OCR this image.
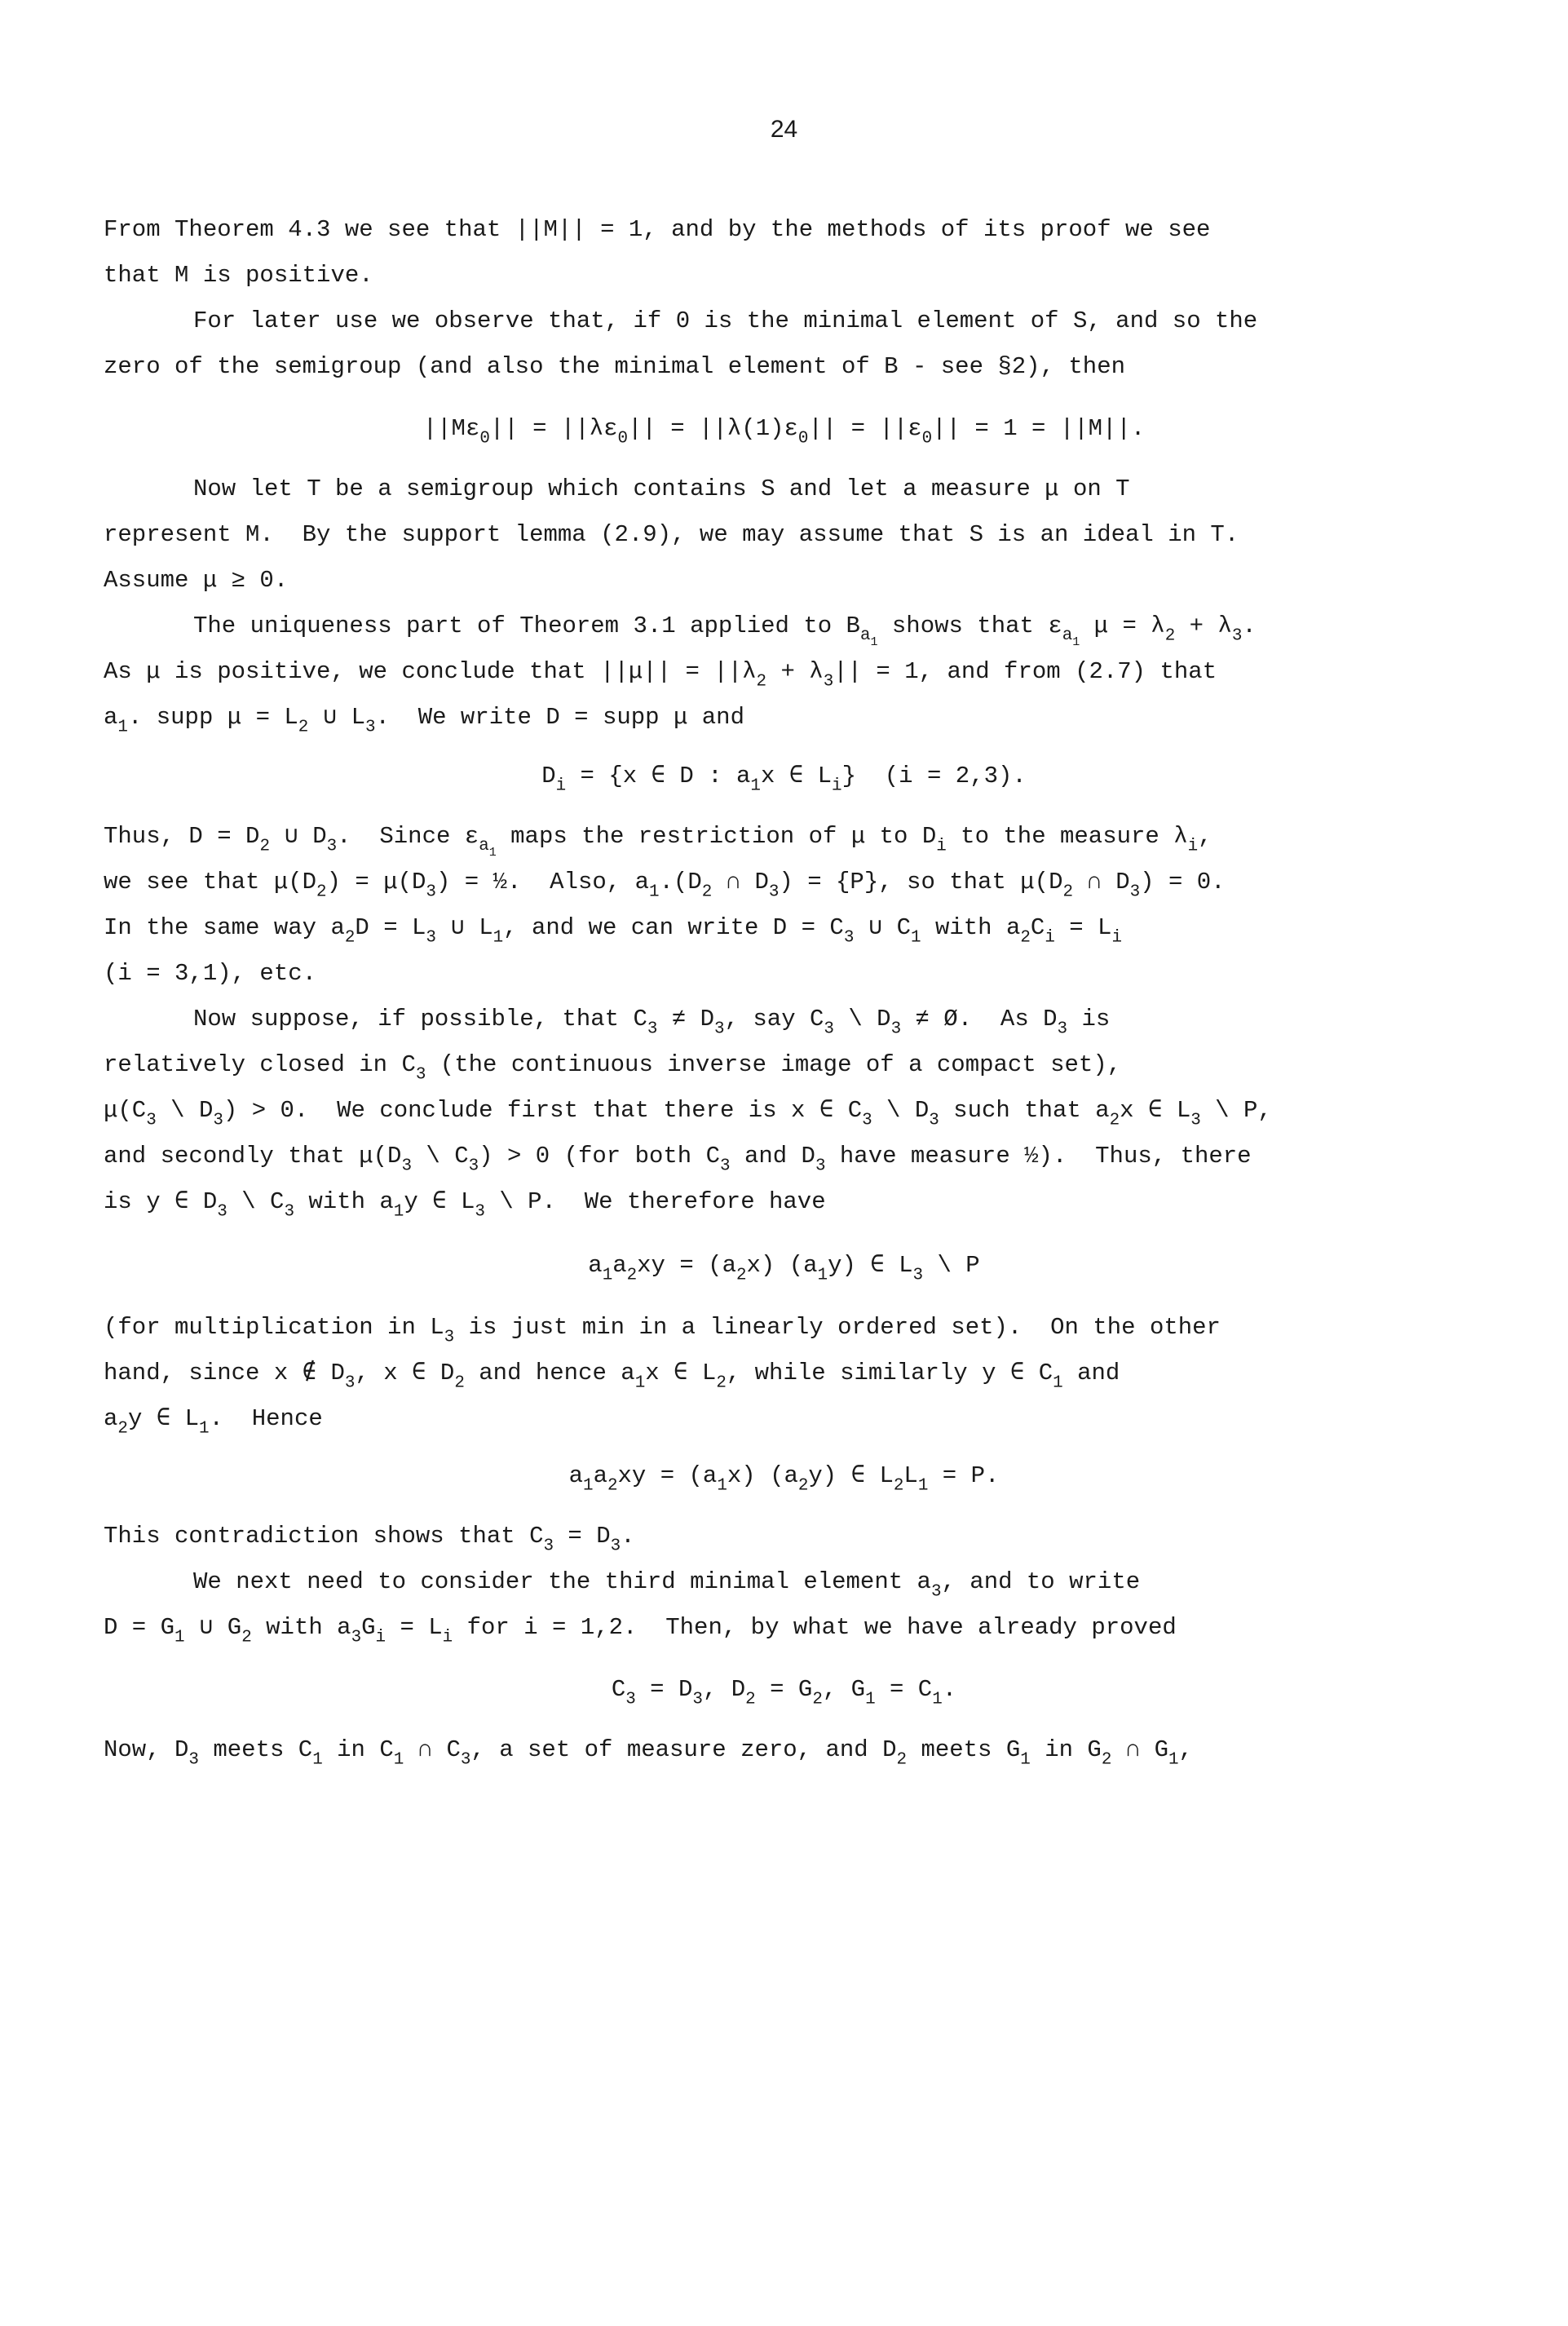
24
From Theorem 4.3 we see that ||M|| = 1, and by the methods of its proof we see
that M is positive.
For later use we observe that, if 0 is the minimal element of S, and so the
zero of the semigroup (and also the minimal element of B - see §2), then
$||M\varepsilon_0|| = ||\lambda\varepsilon_0|| = ||\lambda(1)\varepsilon_0|| = ||\varepsilon_0|| = 1 = ||M||$.
Now let T be a semigroup which contains S and let a measure μ on T
represent M.  By the support lemma (2.9), we may assume that S is an ideal in T.
Assume μ ≥ 0.
The uniqueness part of Theorem 3.1 applied to $B_{a_1}$ shows that $\varepsilon_{a_1}$ $\mu = \lambda_2 + \lambda_3$.
As μ is positive, we conclude that $||\mu|| = ||\lambda_2 + \lambda_3|| = 1$, and from (2.7) that
$a_1$. supp $\mu = L_2$ ∪ $L_3$.  We write D = supp μ and
$D_i = \{x$ ∈ D : $a_1x$ ∈ $L_i$}  (i = 2,3).
Thus, $D = D_2$ ∪ $D_3$.  Since $\varepsilon_{a_1}$ maps the restriction of μ to $D_i$ to the measure $\lambda_i$,
we see that $\mu(D_2) = \mu(D_3)$ = ½.  Also, $a_1.(D_2$ ∩ $D_3) = \{P\}$, so that $\mu(D_2$ ∩ $D_3) = 0$.
In the same way $a_2D = L_3$ ∪ $L_1$, and we can write $D = C_3$ ∪ $C_1$ with $a_2C_i = L_i$
(i = 3,1), etc.
Now suppose, if possible, that $C_3 \ne D_3$, say $C_3$ \ $D_3$ ≠ Ø.  As $D_3$ is
relatively closed in $C_3$ (the continuous inverse image of a compact set),
$\mu(C_3$ \ $D_3) > 0$.  We conclude first that there is x ∈ $C_3$ \ $D_3$ such that $a_2x$ ∈ $L_3$ \ P,
and secondly that $\mu(D_3$ \ $C_3) > 0$ (for both $C_3$ and $D_3$ have measure ½).  Thus, there
is y ∈ $D_3$ \ $C_3$ with $a_1y$ ∈ $L_3$ \ P.  We therefore have
$a_1a_2xy = (a_2x)$ $(a_1y)$ ∈ $L_3$ \ P
(for multiplication in $L_3$ is just min in a linearly ordered set).  On the other
hand, since x ∉ $D_3$, x ∈ $D_2$ and hence $a_1x$ ∈ $L_2$, while similarly y ∈ $C_1$ and
$a_2y$ ∈ $L_1$.  Hence
$a_1a_2xy = (a_1x)$ $(a_2y)$ ∈ $L_2L_1 = P$.
This contradiction shows that $C_3 = D_3$.
We next need to consider the third minimal element $a_3$, and to write
$D = G_1$ ∪ $G_2$ with $a_3G_i = L_i$ for i = 1,2.  Then, by what we have already proved
$C_3 = D_3$, $D_2 = G_2$, $G_1 = C_1$.
Now, $D_3$ meets $C_1$ in $C_1$ ∩ $C_3$, a set of measure zero, and $D_2$ meets $G_1$ in $G_2$ ∩ $G_1$,
